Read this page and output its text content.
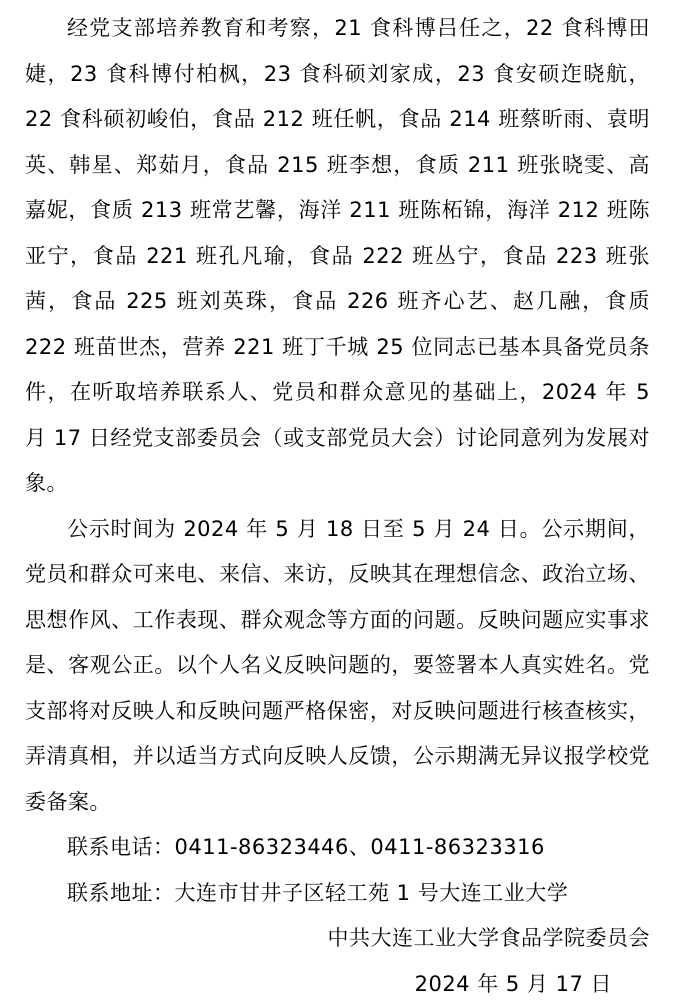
经党支部培养教育和考察，21 食科博吕任之，22 食科博田婕，23 食科博付柏枫，23 食科硕刘家成，23 食安硕迮晓航，22 食科硕初峻伯，食品 212 班任帆，食品 214 班蔡昕雨、袁明英、韩星、郑茹月，食品 215 班李想，食质 211 班张晓雯、高嘉妮，食质 213 班常艺馨，海洋 211 班陈柘锦，海洋 212 班陈亚宁，食品 221 班孔凡瑜，食品 222 班丛宁，食品 223 班张茜，食品 225 班刘英珠，食品 226 班齐心艺、赵几融，食质 222 班苗世杰，营养 221 班丁千城 25 位同志已基本具备党员条件，在听取培养联系人、党员和群众意见的基础上，2024 年 5 月 17 日经党支部委员会（或支部党员大会）讨论同意列为发展对象。

公示时间为 2024 年 5 月 18 日至 5 月 24 日。公示期间，党员和群众可来电、来信、来访，反映其在理想信念、政治立场、思想作风、工作表现、群众观念等方面的问题。反映问题应实事求是、客观公正。以个人名义反映问题的，要签署本人真实姓名。党支部将对反映人和反映问题严格保密，对反映问题进行核查核实，弄清真相，并以适当方式向反映人反馈，公示期满无异议报学校党委备案。

联系电话：0411-86323446、0411-86323316

联系地址：大连市甘井子区轻工苑 1 号大连工业大学

中共大连工业大学食品学院委员会

2024 年 5 月 17 日
